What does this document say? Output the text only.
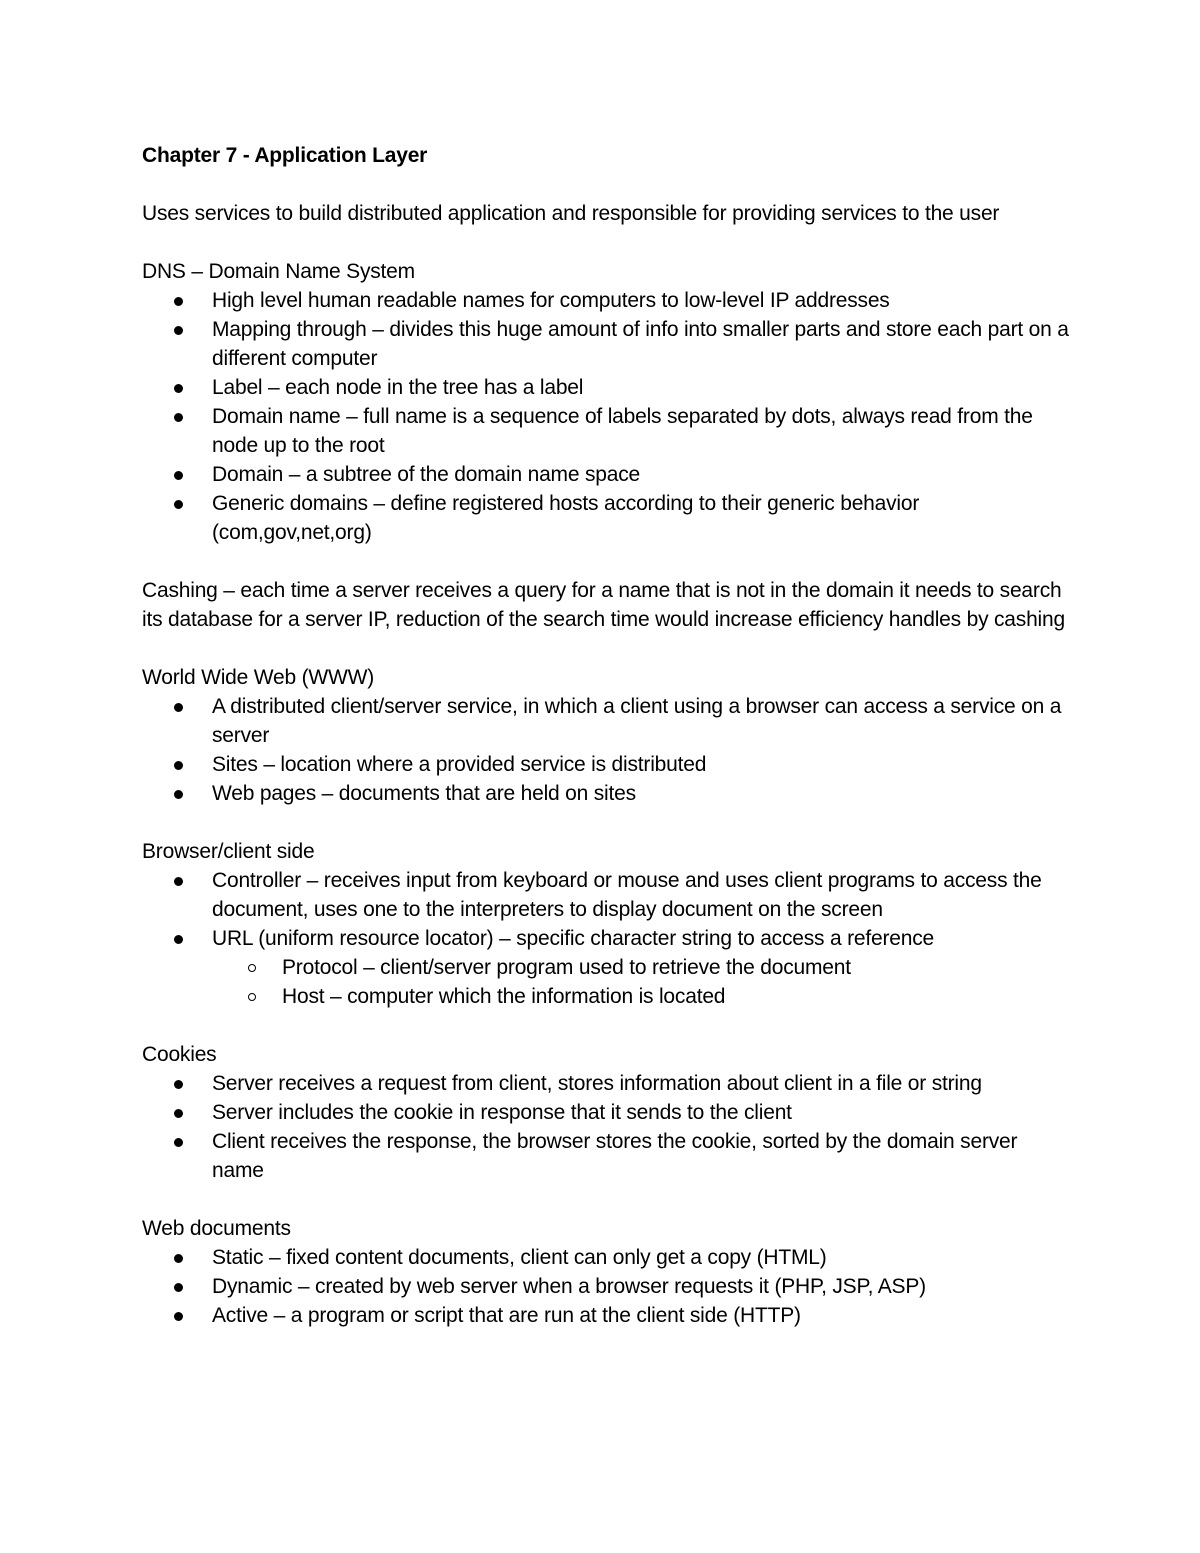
Chapter 7 - Application Layer

Uses services to build distributed application and responsible for providing services to the user

DNS – Domain Name System

High level human readable names for computers to low-level IP addresses
Mapping through – divides this huge amount of info into smaller parts and store each part on a different computer
Label – each node in the tree has a label
Domain name – full name is a sequence of labels separated by dots, always read from the node up to the root
Domain – a subtree of the domain name space
Generic domains – define registered hosts according to their generic behavior (com,gov,net,org)

Cashing – each time a server receives a query for a name that is not in the domain it needs to search its database for a server IP, reduction of the search time would increase efficiency handles by cashing

World Wide Web (WWW)

A distributed client/server service, in which a client using a browser can access a service on a server
Sites – location where a provided service is distributed
Web pages – documents that are held on sites

Browser/client side

Controller – receives input from keyboard or mouse and uses client programs to access the document, uses one to the interpreters to display document on the screen
URL (uniform resource locator) – specific character string to access a reference
Protocol – client/server program used to retrieve the document
Host – computer which the information is located

Cookies

Server receives a request from client, stores information about client in a file or string
Server includes the cookie in response that it sends to the client
Client receives the response, the browser stores the cookie, sorted by the domain server name

Web documents

Static – fixed content documents, client can only get a copy (HTML)
Dynamic – created by web server when a browser requests it (PHP, JSP, ASP)
Active – a program or script that are run at the client side (HTTP)
